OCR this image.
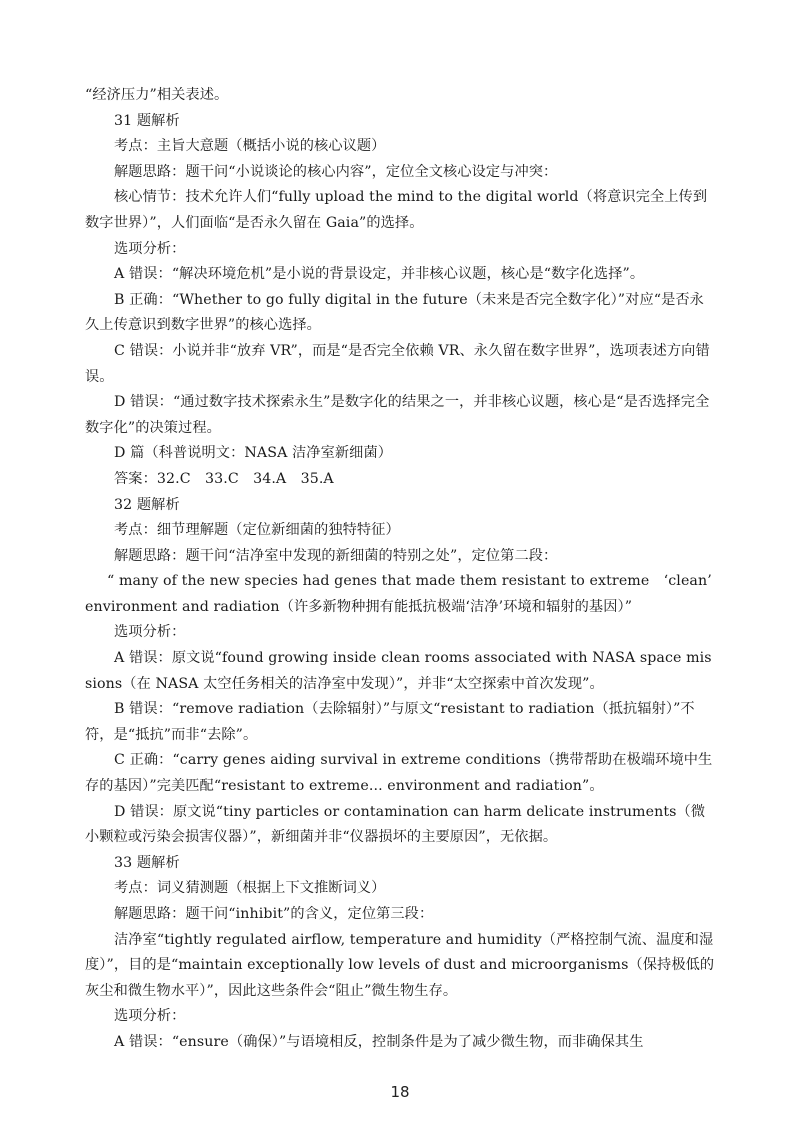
“经济压力”相关表述。

31 题解析

考点：主旨大意题（概括小说的核心议题）

解题思路：题干问“小说谈论的核心内容”，定位全文核心设定与冲突：

核心情节：技术允许人们“fully upload the mind to the digital world（将意识完全上传到数字世界）”，人们面临“是否永久留在 Gaia”的选择。

选项分析：

A 错误：“解决环境危机”是小说的背景设定，并非核心议题，核心是“数字化选择”。

B 正确：“Whether to go fully digital in the future（未来是否完全数字化）”对应“是否永久上传意识到数字世界”的核心选择。

C 错误：小说并非“放弃 VR”，而是“是否完全依赖 VR、永久留在数字世界”，选项表述方向错误。

D 错误：“通过数字技术探索永生”是数字化的结果之一，并非核心议题，核心是“是否选择完全数字化”的决策过程。

D 篇（科普说明文：NASA 洁净室新细菌）

答案：32.C　33.C　34.A　35.A

32 题解析

考点：细节理解题（定位新细菌的独特特征）

解题思路：题干问“洁净室中发现的新细菌的特别之处”，定位第二段：

“ many of the new species had genes that made them resistant to extreme　‘clean’ environment and radiation（许多新物种拥有能抵抗极端‘洁净’环境和辐射的基因）”

选项分析：

A 错误：原文说“found growing inside clean rooms associated with NASA space missions（在 NASA 太空任务相关的洁净室中发现）”，并非“太空探索中首次发现”。

B 错误：“remove radiation（去除辐射）”与原文“resistant to radiation（抵抗辐射）”不符，是“抵抗”而非“去除”。

C 正确：“carry genes aiding survival in extreme conditions（携带帮助在极端环境中生存的基因）”完美匹配“resistant to extreme... environment and radiation”。

D 错误：原文说“tiny particles or contamination can harm delicate instruments（微小颗粒或污染会损害仪器）”，新细菌并非“仪器损坏的主要原因”，无依据。

33 题解析

考点：词义猜测题（根据上下文推断词义）

解题思路：题干问“inhibit”的含义，定位第三段：

洁净室“tightly regulated airflow, temperature and humidity（严格控制气流、温度和湿度）”，目的是“maintain exceptionally low levels of dust and microorganisms（保持极低的灰尘和微生物水平）”，因此这些条件会“阻止”微生物生存。

选项分析：

A 错误：“ensure（确保）”与语境相反，控制条件是为了减少微生物，而非确保其生

18
